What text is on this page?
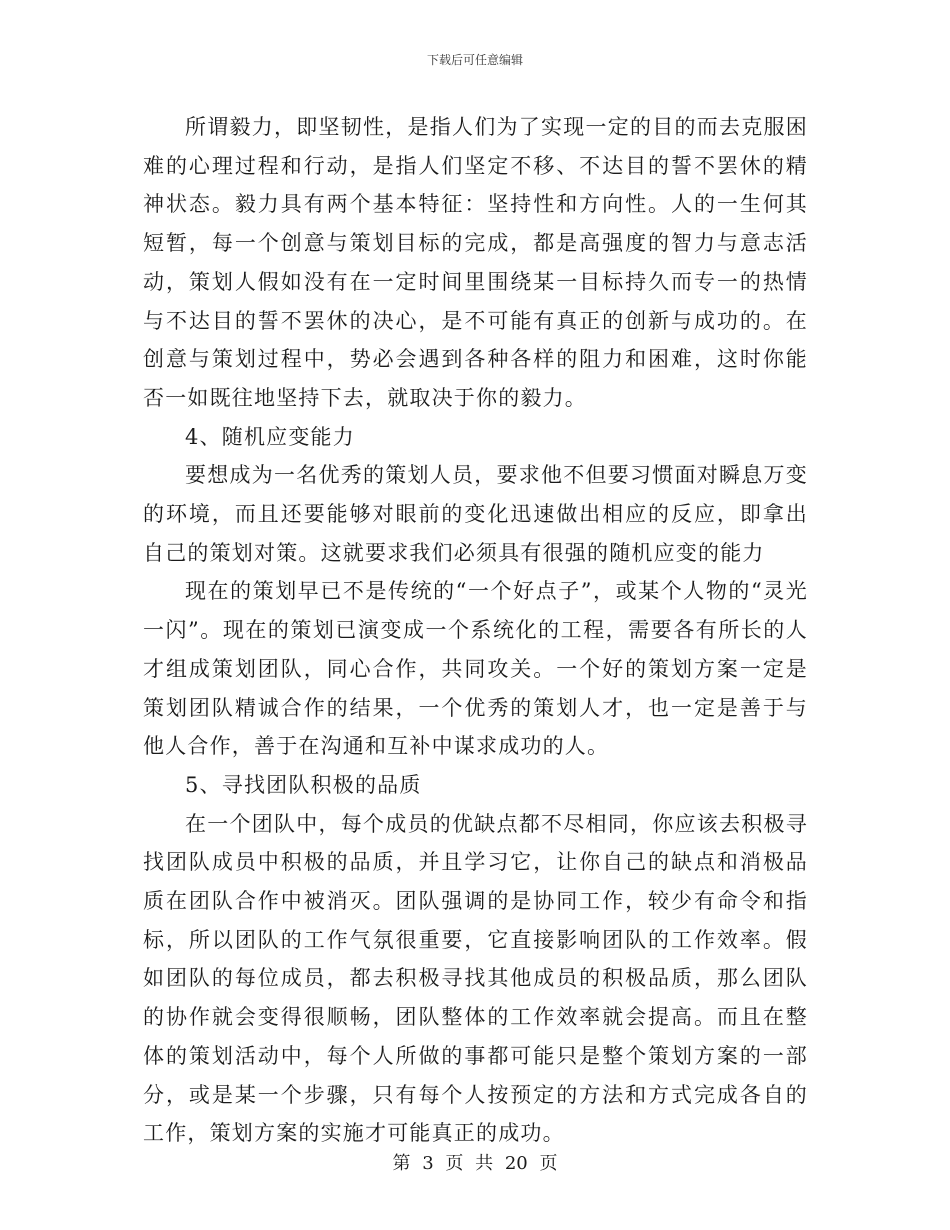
下载后可任意编辑

所谓毅力，即坚韧性，是指人们为了实现一定的目的而去克服困难的心理过程和行动，是指人们坚定不移、不达目的誓不罢休的精神状态。毅力具有两个基本特征：坚持性和方向性。人的一生何其短暂，每一个创意与策划目标的完成，都是高强度的智力与意志活动，策划人假如没有在一定时间里围绕某一目标持久而专一的热情与不达目的誓不罢休的决心，是不可能有真正的创新与成功的。在创意与策划过程中，势必会遇到各种各样的阻力和困难，这时你能否一如既往地坚持下去，就取决于你的毅力。

4、随机应变能力

要想成为一名优秀的策划人员，要求他不但要习惯面对瞬息万变的环境，而且还要能够对眼前的变化迅速做出相应的反应，即拿出自己的策划对策。这就要求我们必须具有很强的随机应变的能力

现在的策划早已不是传统的“一个好点子”，或某个人物的“灵光一闪”。现在的策划已演变成一个系统化的工程，需要各有所长的人才组成策划团队，同心合作，共同攻关。一个好的策划方案一定是策划团队精诚合作的结果，一个优秀的策划人才，也一定是善于与他人合作，善于在沟通和互补中谋求成功的人。

5、寻找团队积极的品质

在一个团队中，每个成员的优缺点都不尽相同，你应该去积极寻找团队成员中积极的品质，并且学习它，让你自己的缺点和消极品质在团队合作中被消灭。团队强调的是协同工作，较少有命令和指标，所以团队的工作气氛很重要，它直接影响团队的工作效率。假如团队的每位成员，都去积极寻找其他成员的积极品质，那么团队的协作就会变得很顺畅，团队整体的工作效率就会提高。而且在整体的策划活动中，每个人所做的事都可能只是整个策划方案的一部分，或是某一个步骤，只有每个人按预定的方法和方式完成各自的工作，策划方案的实施才可能真正的成功。

第 3 页 共 20 页
